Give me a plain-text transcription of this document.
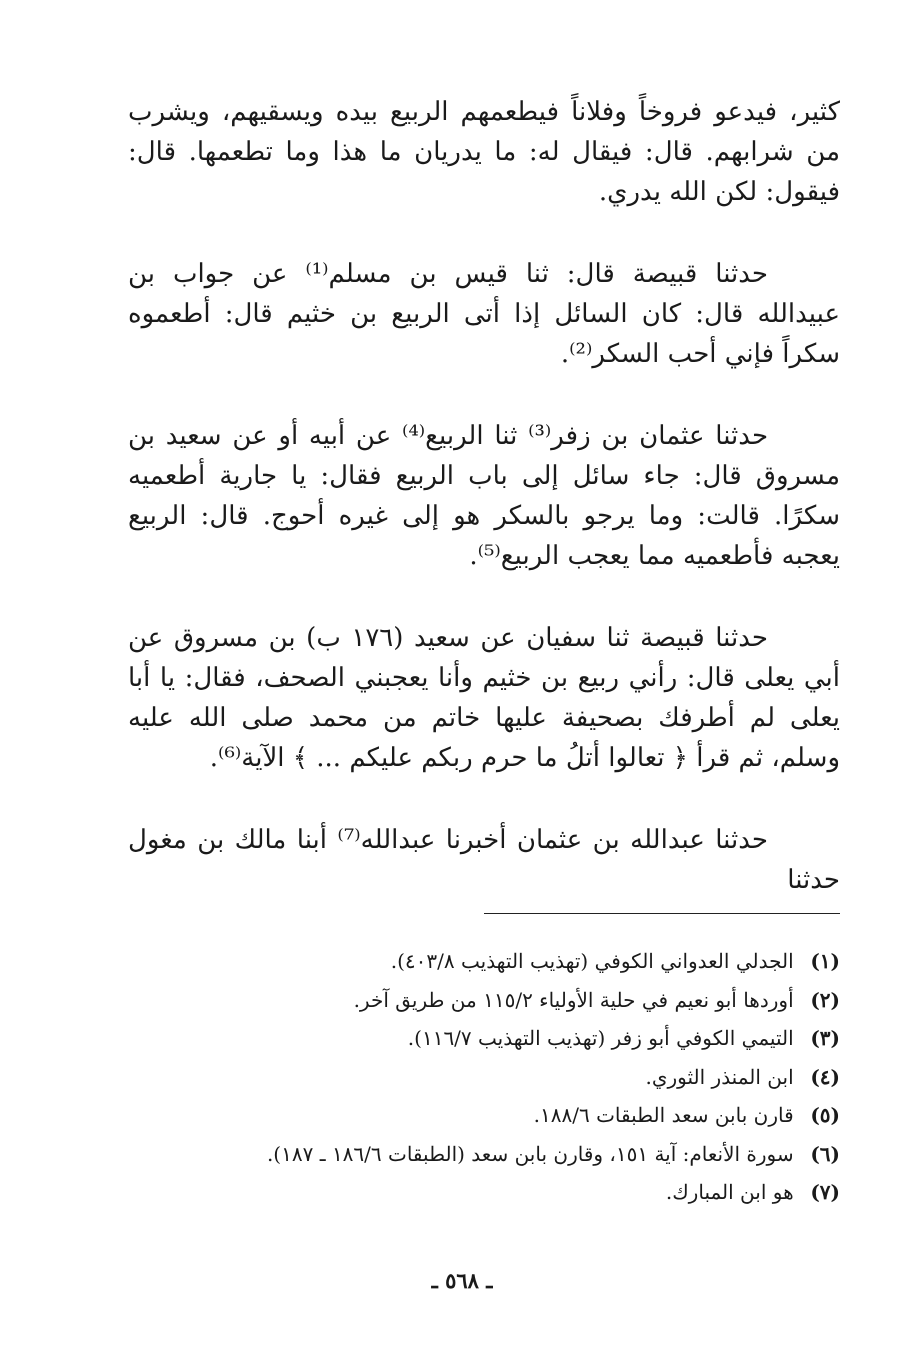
كثير، فيدعو فروخاً وفلاناً فيطعمهم الربيع بيده ويسقيهم، ويشرب من شرابهم. قال: فيقال له: ما يدريان ما هذا وما تطعمها. قال: فيقول: لكن الله يدري.

حدثنا قبيصة قال: ثنا قيس بن مسلم⁽¹⁾ عن جواب بن عبيدالله قال: كان السائل إذا أتى الربيع بن خثيم قال: أطعموه سكراً فإني أحب السكر⁽²⁾.

حدثنا عثمان بن زفر⁽³⁾ ثنا الربيع⁽⁴⁾ عن أبيه أو عن سعيد بن مسروق قال: جاء سائل إلى باب الربيع فقال: يا جارية أطعميه سكرًا. قالت: وما يرجو بالسكر هو إلى غيره أحوج. قال: الربيع يعجبه فأطعميه مما يعجب الربيع⁽⁵⁾.

حدثنا قبيصة ثنا سفيان عن سعيد (١٧٦ ب) بن مسروق عن أبي يعلى قال: رأني ربيع بن خثيم وأنا يعجبني الصحف، فقال: يا أبا يعلى لم أطرفك بصحيفة عليها خاتم من محمد صلى الله عليه وسلم، ثم قرأ ﴿ تعالوا أتلُ ما حرم ربكم عليكم ... ﴾ الآية⁽⁶⁾.

حدثنا عبدالله بن عثمان أخبرنا عبدالله⁽⁷⁾ أبنا مالك بن مغول حدثنا

(١) الجدلي العدواني الكوفي (تهذيب التهذيب ٤٠٣/٨).
(٢) أوردها أبو نعيم في حلية الأولياء ١١٥/٢ من طريق آخر.
(٣) التيمي الكوفي أبو زفر (تهذيب التهذيب ١١٦/٧).
(٤) ابن المنذر الثوري.
(٥) قارن بابن سعد الطبقات ١٨٨/٦.
(٦) سورة الأنعام: آية ١٥١، وقارن بابن سعد (الطبقات ١٨٦/٦ ـ ١٨٧).
(٧) هو ابن المبارك.
ـ ٥٦٨ ـ
